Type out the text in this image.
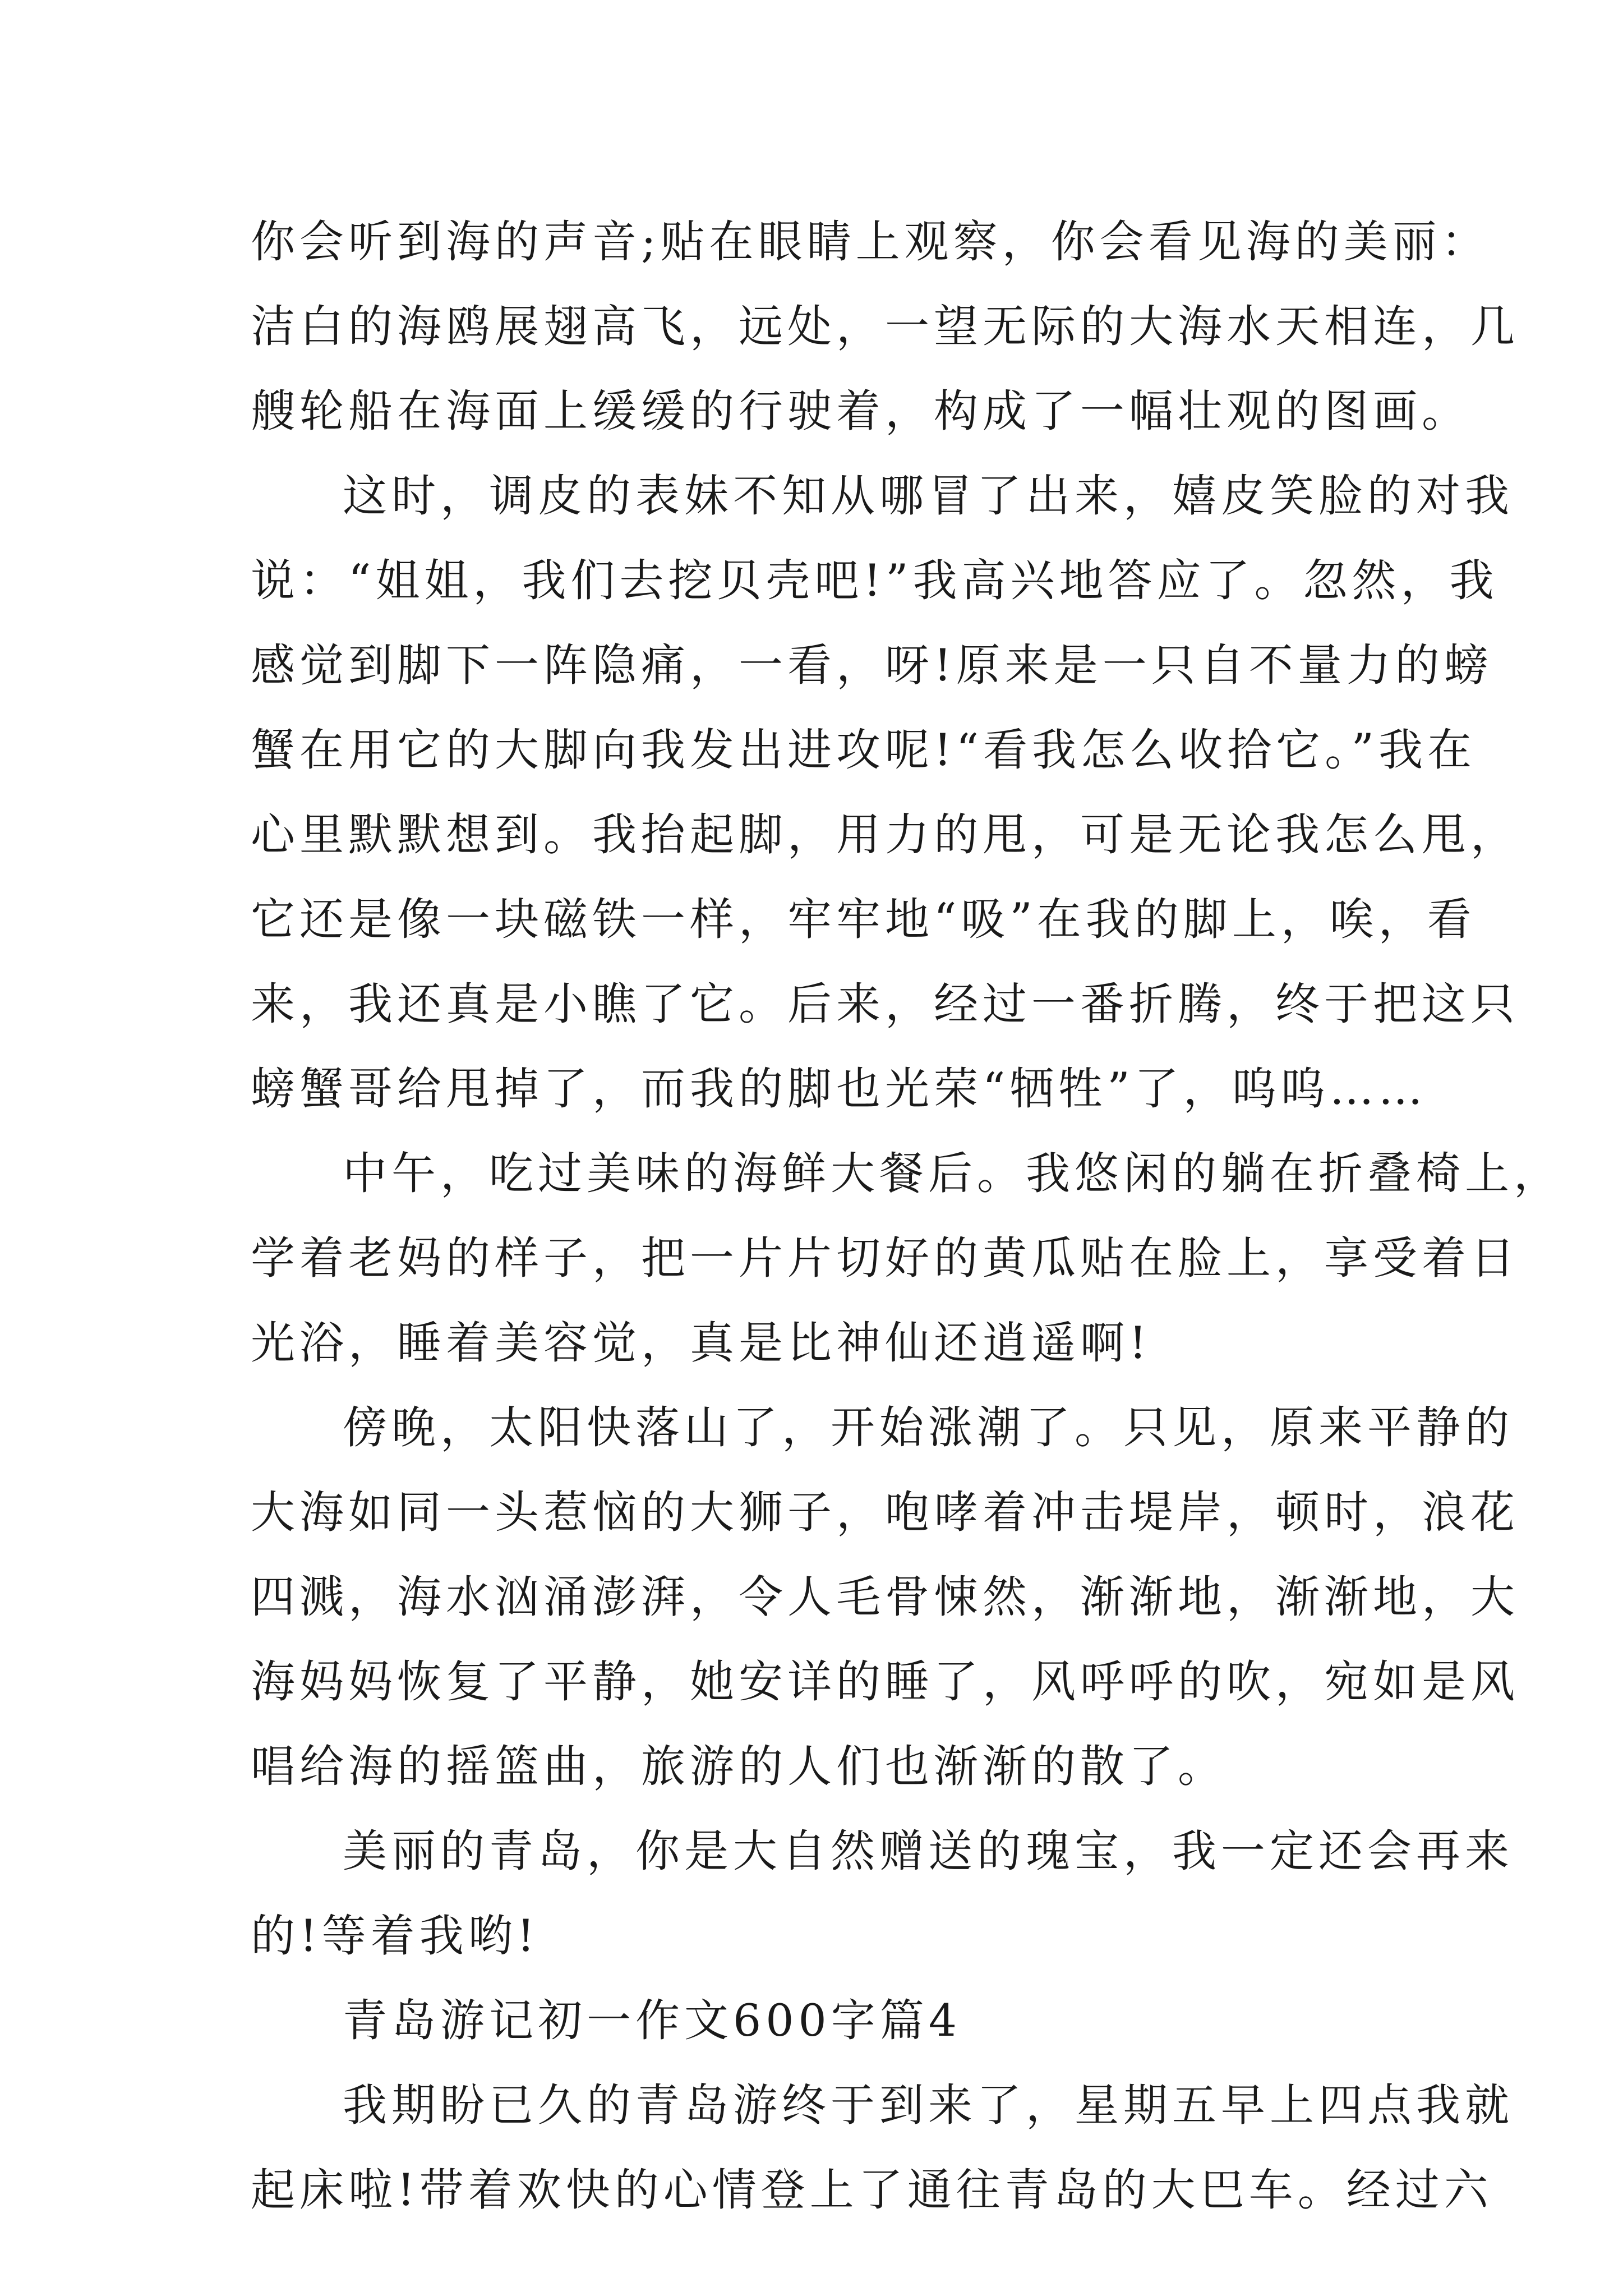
你会听到海的声音;贴在眼睛上观察，你会看见海的美丽：
洁白的海鸥展翅高飞，远处，一望无际的大海水天相连，几
艘轮船在海面上缓缓的行驶着，构成了一幅壮观的图画。
这时，调皮的表妹不知从哪冒了出来，嬉皮笑脸的对我
说：“姐姐，我们去挖贝壳吧!”我高兴地答应了。忽然，我
感觉到脚下一阵隐痛，一看，呀!原来是一只自不量力的螃
蟹在用它的大脚向我发出进攻呢!“看我怎么收拾它。”我在
心里默默想到。我抬起脚，用力的甩，可是无论我怎么甩，
它还是像一块磁铁一样，牢牢地“吸”在我的脚上，唉，看
来，我还真是小瞧了它。后来，经过一番折腾，终于把这只
螃蟹哥给甩掉了，而我的脚也光荣“牺牲”了，呜呜……
中午，吃过美味的海鲜大餐后。我悠闲的躺在折叠椅上，
学着老妈的样子，把一片片切好的黄瓜贴在脸上，享受着日
光浴，睡着美容觉，真是比神仙还逍遥啊!
傍晚，太阳快落山了，开始涨潮了。只见，原来平静的
大海如同一头惹恼的大狮子，咆哮着冲击堤岸，顿时，浪花
四溅，海水汹涌澎湃，令人毛骨悚然，渐渐地，渐渐地，大
海妈妈恢复了平静，她安详的睡了，风呼呼的吹，宛如是风
唱给海的摇篮曲，旅游的人们也渐渐的散了。
美丽的青岛，你是大自然赠送的瑰宝，我一定还会再来
的!等着我哟!
青岛游记初一作文600字篇4
我期盼已久的青岛游终于到来了，星期五早上四点我就
起床啦!带着欢快的心情登上了通往青岛的大巴车。经过六
